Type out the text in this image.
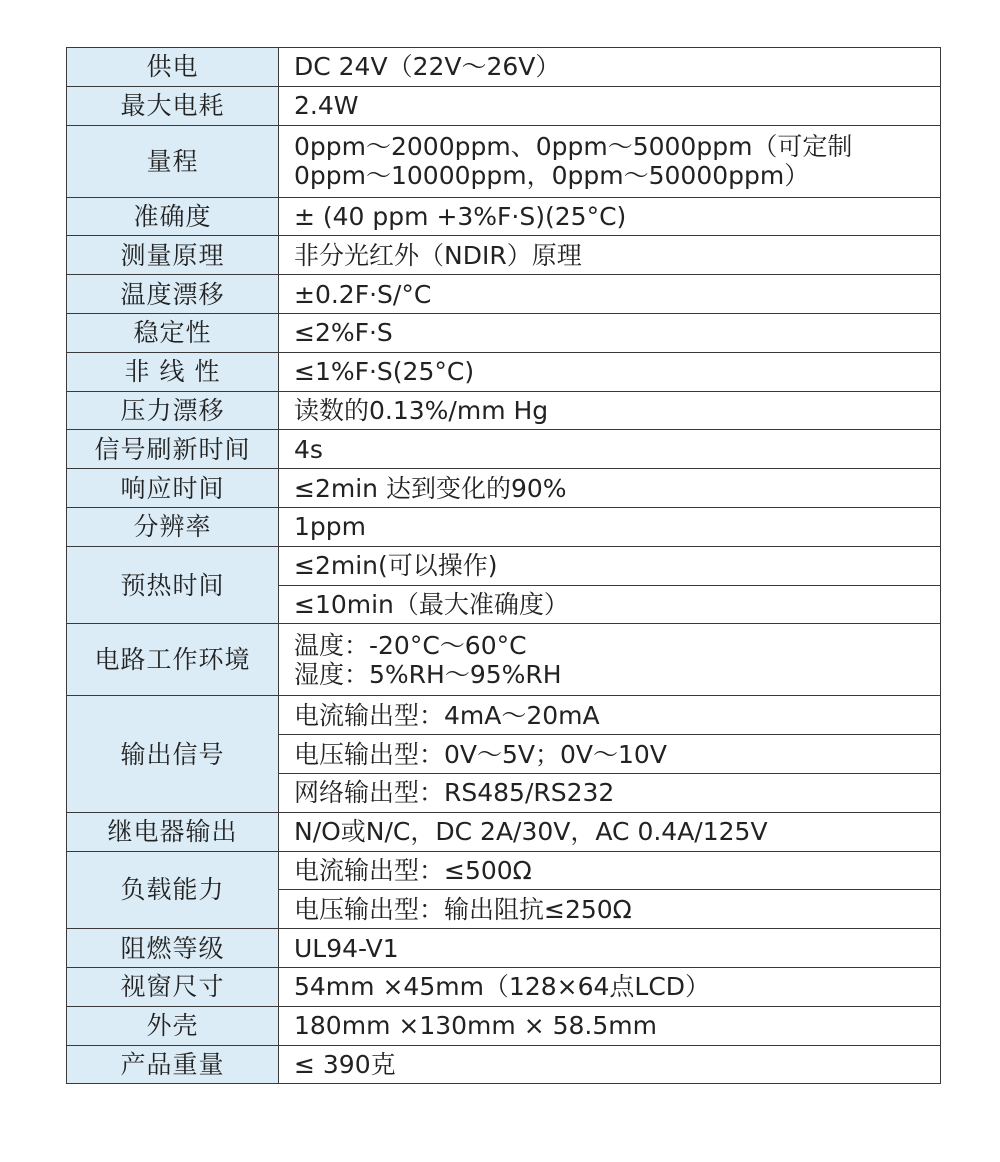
供电	DC 24V（22V～26V）

最大电耗	2.4W

量程	0ppm～2000ppm、0ppm～5000ppm（可定制
0ppm～10000ppm，0ppm～50000ppm）

准确度	± (40 ppm +3%F·S)(25°C)

测量原理	非分光红外（NDIR）原理

温度漂移	±0.2F·S/°C

稳定性	≤2%F·S

非 线 性	≤1%F·S(25°C)

压力漂移	读数的0.13%/mm Hg

信号刷新时间	4s

响应时间	≤2min 达到变化的90%

分辨率	1ppm

预热时间	≤2min(可以操作)
	≤10min（最大准确度）
电路工作环境	温度：-20°C～60°C
湿度：5%RH～95%RH

输出信号	电流输出型：4mA～20mA
	电压输出型：0V～5V；0V～10V
	网络输出型：RS485/RS232
继电器输出	N/O或N/C，DC 2A/30V，AC 0.4A/125V

负载能力	电流输出型：≤500Ω
	电压输出型：输出阻抗≤250Ω
阻燃等级	UL94-V1

视窗尺寸	54mm ×45mm（128×64点LCD）

外壳	180mm ×130mm × 58.5mm

产品重量	≤ 390克
